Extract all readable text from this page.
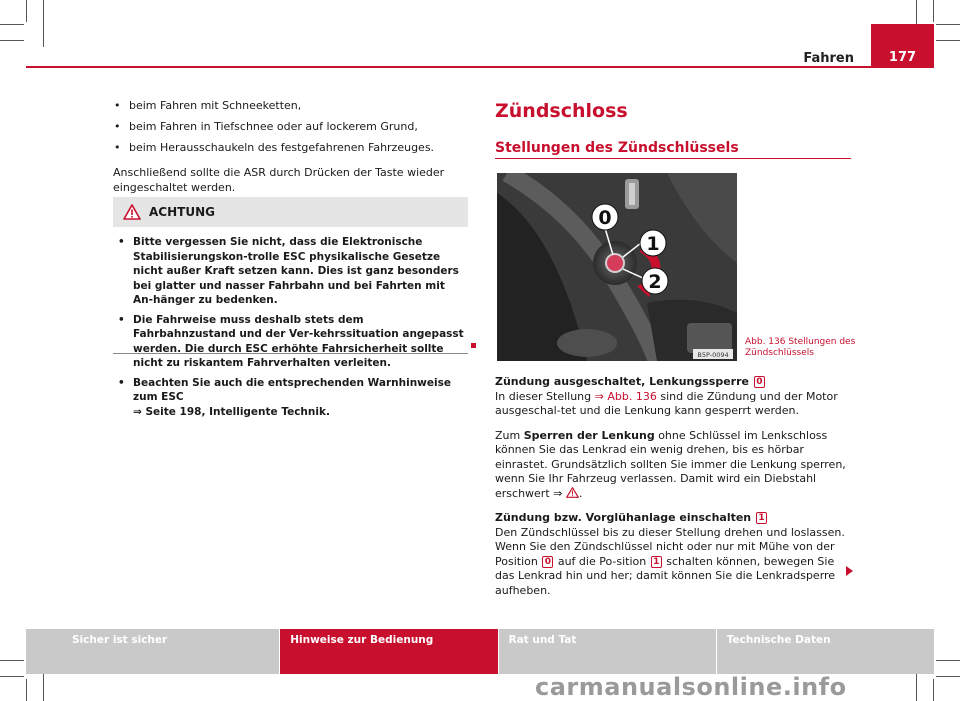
Fahren	177
• beim Fahren mit Schneeketten,
• beim Fahren in Tiefschnee oder auf lockerem Grund,
• beim Herausschaukeln des festgefahrenen Fahrzeuges.
Anschließend sollte die ASR durch Drücken der Taste wieder eingeschaltet werden.
ACHTUNG
• Bitte vergessen Sie nicht, dass die Elektronische Stabilisierungskon-trolle ESC physikalische Gesetze nicht außer Kraft setzen kann. Dies ist ganz besonders bei glatter und nasser Fahrbahn und bei Fahrten mit An-hänger zu bedenken.
• Die Fahrweise muss deshalb stets dem Fahrbahnzustand und der Ver-kehrssituation angepasst werden. Die durch ESC erhöhte Fahrsicherheit sollte nicht zu riskantem Fahrverhalten verleiten.
• Beachten Sie auch die entsprechenden Warnhinweise zum ESC
⇒ Seite 198, Intelligente Technik.
Zündschloss
Stellungen des Zündschlüssels
0
1
2
B5P-0094
Abb. 136 Stellungen des Zündschlüssels
Zündung ausgeschaltet, Lenkungssperre 0
In dieser Stellung ⇒ Abb. 136 sind die Zündung und der Motor ausgeschal-tet und die Lenkung kann gesperrt werden.
Zum Sperren der Lenkung ohne Schlüssel im Lenkschloss können Sie das Lenkrad ein wenig drehen, bis es hörbar einrastet. Grundsätzlich sollten Sie immer die Lenkung sperren, wenn Sie Ihr Fahrzeug verlassen. Damit wird ein Diebstahl erschwert ⇒ .
Zündung bzw. Vorglühanlage einschalten 1
Den Zündschlüssel bis zu dieser Stellung drehen und loslassen. Wenn Sie den Zündschlüssel nicht oder nur mit Mühe von der Position 0 auf die Po-sition 1 schalten können, bewegen Sie das Lenkrad hin und her; damit können Sie die Lenkradsperre aufheben.
Sicher ist sicher	Hinweise zur Bedienung	Rat und Tat	Technische Daten
carmanualsonline.info
